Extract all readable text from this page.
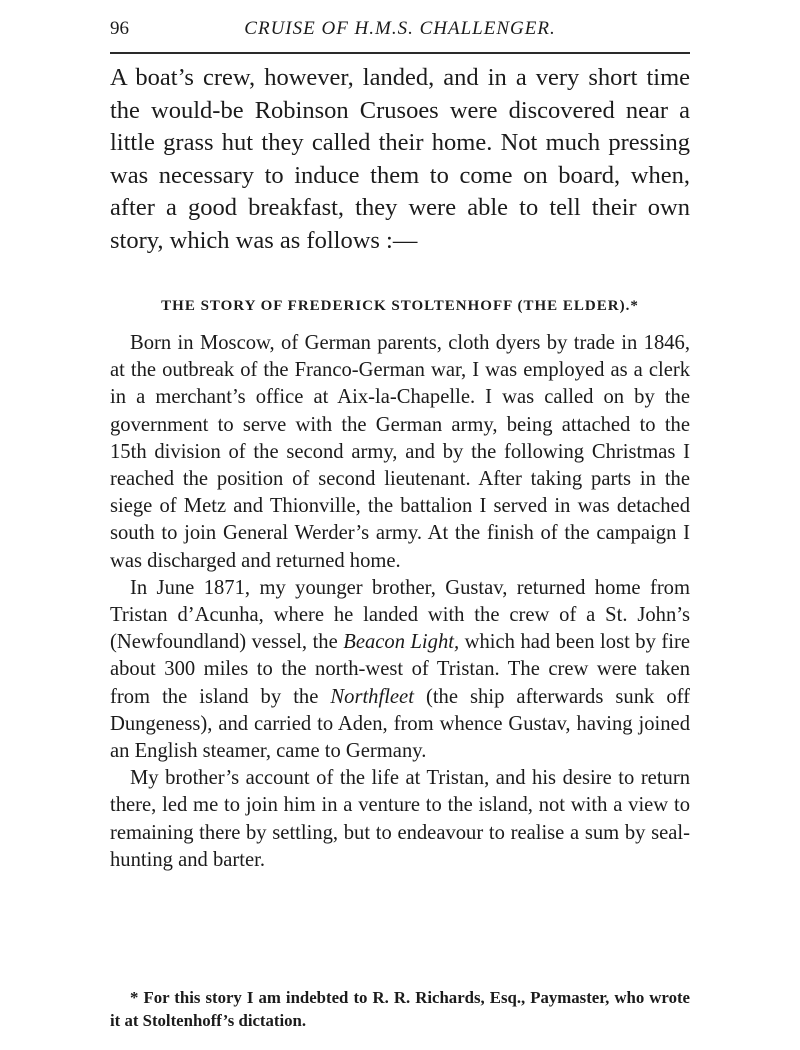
96	CRUISE OF H.M.S. CHALLENGER.

A boat’s crew, however, landed, and in a very short time the would-be Robinson Crusoes were discovered near a little grass hut they called their home. Not much pressing was necessary to induce them to come on board, when, after a good breakfast, they were able to tell their own story, which was as follows :—

THE STORY OF FREDERICK STOLTENHOFF (THE ELDER).*

Born in Moscow, of German parents, cloth dyers by trade in 1846, at the outbreak of the Franco-German war, I was employed as a clerk in a merchant’s office at Aix-la-Chapelle. I was called on by the government to serve with the German army, being attached to the 15th division of the second army, and by the following Christmas I reached the position of second lieutenant. After taking parts in the siege of Metz and Thionville, the battalion I served in was detached south to join General Werder’s army. At the finish of the campaign I was discharged and returned home.

In June 1871, my younger brother, Gustav, returned home from Tristan d’Acunha, where he landed with the crew of a St. John’s (Newfoundland) vessel, the Beacon Light, which had been lost by fire about 300 miles to the north-west of Tristan. The crew were taken from the island by the Northfleet (the ship afterwards sunk off Dungeness), and carried to Aden, from whence Gustav, having joined an English steamer, came to Germany.

My brother’s account of the life at Tristan, and his desire to return there, led me to join him in a venture to the island, not with a view to remaining there by settling, but to endeavour to realise a sum by seal-hunting and barter.

* For this story I am indebted to R. R. Richards, Esq., Paymaster, who wrote it at Stoltenhoff’s dictation.
